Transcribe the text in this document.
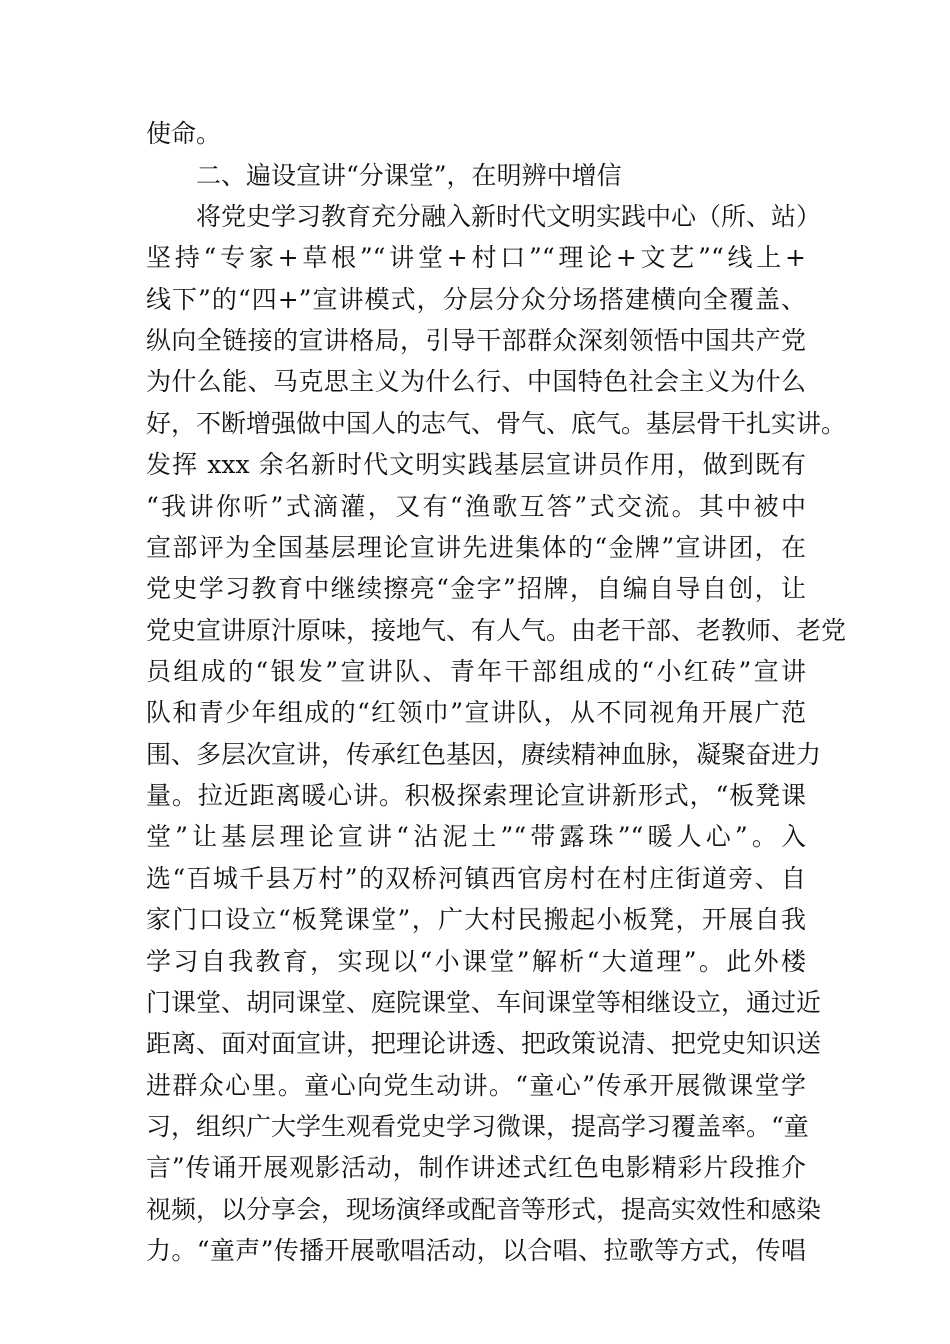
使命。
二、遍设宣讲“分课堂”，在明辨中增信
将党史学习教育充分融入新时代文明实践中心（所、站）
坚持“专家+草根”“讲堂+村口”“理论+文艺”“线上+
线下”的“四+”宣讲模式，分层分众分场搭建横向全覆盖、
纵向全链接的宣讲格局，引导干部群众深刻领悟中国共产党
为什么能、马克思主义为什么行、中国特色社会主义为什么
好，不断增强做中国人的志气、骨气、底气。基层骨干扎实讲。
发挥 xxx 余名新时代文明实践基层宣讲员作用，做到既有
“我讲你听”式滴灌，又有“渔歌互答”式交流。其中被中
宣部评为全国基层理论宣讲先进集体的“金牌”宣讲团，在
党史学习教育中继续擦亮“金字”招牌，自编自导自创，让
党史宣讲原汁原味，接地气、有人气。由老干部、老教师、老党
员组成的“银发”宣讲队、青年干部组成的“小红砖”宣讲
队和青少年组成的“红领巾”宣讲队，从不同视角开展广范
围、多层次宣讲，传承红色基因，赓续精神血脉，凝聚奋进力
量。拉近距离暖心讲。积极探索理论宣讲新形式，“板凳课
堂”让基层理论宣讲“沾泥土”“带露珠”“暖人心”。入
选“百城千县万村”的双桥河镇西官房村在村庄街道旁、自
家门口设立“板凳课堂”，广大村民搬起小板凳，开展自我
学习自我教育，实现以“小课堂”解析“大道理”。此外楼
门课堂、胡同课堂、庭院课堂、车间课堂等相继设立，通过近
距离、面对面宣讲，把理论讲透、把政策说清、把党史知识送
进群众心里。童心向党生动讲。“童心”传承开展微课堂学
习，组织广大学生观看党史学习微课，提高学习覆盖率。“童
言”传诵开展观影活动，制作讲述式红色电影精彩片段推介
视频，以分享会，现场演绎或配音等形式，提高实效性和感染
力。“童声”传播开展歌唱活动，以合唱、拉歌等方式，传唱
